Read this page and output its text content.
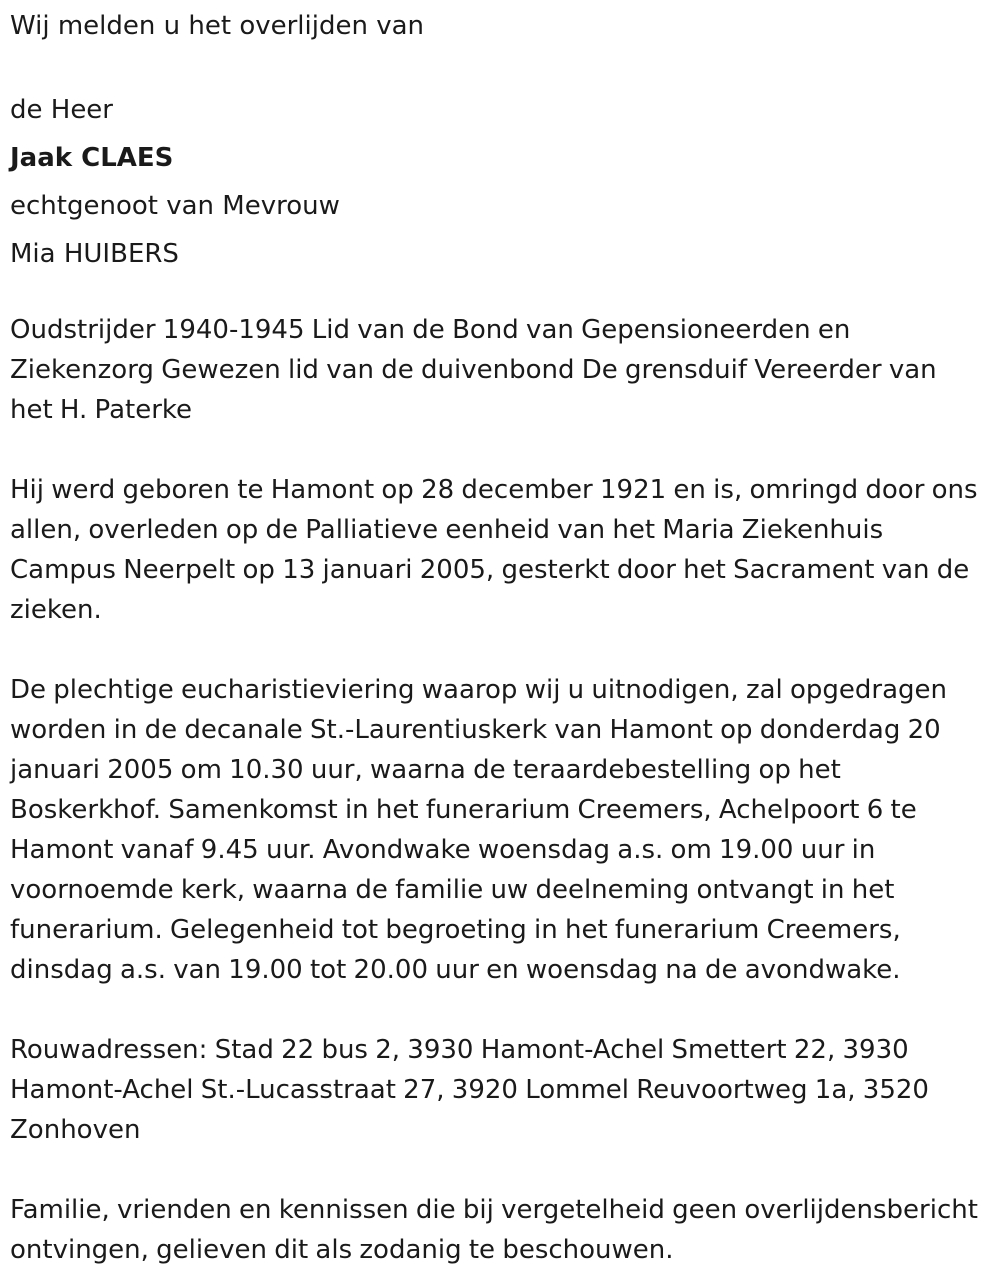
Wij melden u het overlijden van

de Heer

Jaak CLAES

echtgenoot van Mevrouw

Mia HUIBERS

Oudstrijder 1940-1945 Lid van de Bond van Gepensioneerden en Ziekenzorg Gewezen lid van de duivenbond De grensduif Vereerder van het H. Paterke

Hij werd geboren te Hamont op 28 december 1921 en is, omringd door ons allen, overleden op de Palliatieve eenheid van het Maria Ziekenhuis Campus Neerpelt op 13 januari 2005, gesterkt door het Sacrament van de zieken.

De plechtige eucharistieviering waarop wij u uitnodigen, zal opgedragen worden in de decanale St.-Laurentiuskerk van Hamont op donderdag 20 januari 2005 om 10.30 uur, waarna de teraardebestelling op het Boskerkhof. Samenkomst in het funerarium Creemers, Achelpoort 6 te Hamont vanaf 9.45 uur. Avondwake woensdag a.s. om 19.00 uur in voornoemde kerk, waarna de familie uw deelneming ontvangt in het funerarium. Gelegenheid tot begroeting in het funerarium Creemers, dinsdag a.s. van 19.00 tot 20.00 uur en woensdag na de avondwake.

Rouwadressen: Stad 22 bus 2, 3930 Hamont-Achel Smettert 22, 3930 Hamont-Achel St.-Lucasstraat 27, 3920 Lommel Reuvoortweg 1a, 3520 Zonhoven

Familie, vrienden en kennissen die bij vergetelheid geen overlijdensbericht ontvingen, gelieven dit als zodanig te beschouwen.
